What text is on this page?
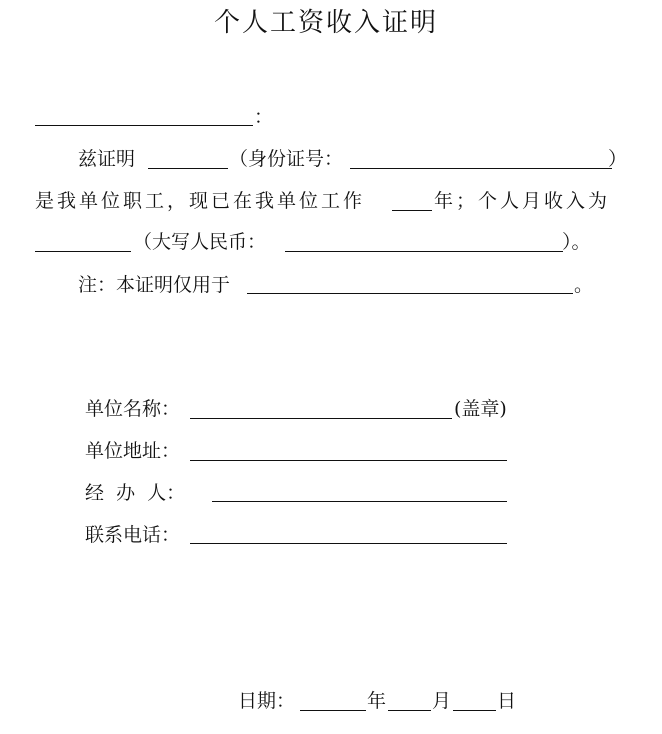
个人工资收入证明
：
兹证明	（身份证号：	）
是我单位职工，现已在我单位工作	年；个人月收入为
（大写人民币：	）。
注：本证明仅用于	。
单位名称：	(盖章)
单位地址：
经  办  人：
联系电话：
日期：	年 月 日
